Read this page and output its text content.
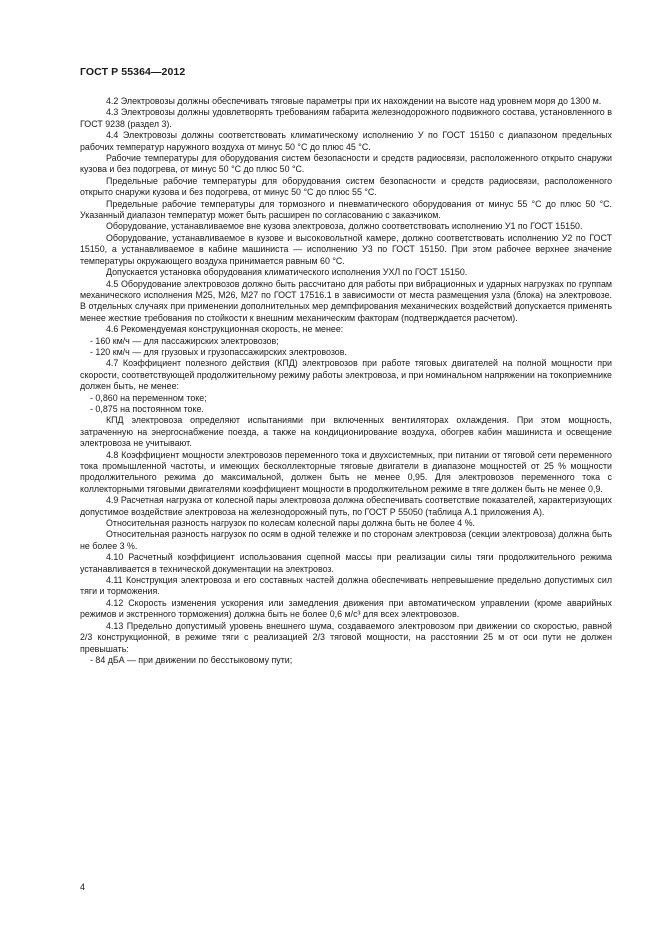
ГОСТ Р 55364—2012

4.2 Электровозы должны обеспечивать тяговые параметры при их нахождении на высоте над уровнем моря до 1300 м.

4.3 Электровозы должны удовлетворять требованиям габарита железнодорожного подвижного состава, установленного в ГОСТ 9238 (раздел 3).

4.4 Электровозы должны соответствовать климатическому исполнению У по ГОСТ 15150 с диапазоном предельных рабочих температур наружного воздуха от минус 50 °С до плюс 45 °С.

Рабочие температуры для оборудования систем безопасности и средств радиосвязи, расположенного открыто снаружи кузова и без подогрева, от минус 50 °С до плюс 50 °С.

Предельные рабочие температуры для оборудования систем безопасности и средств радиосвязи, расположенного открыто снаружи кузова и без подогрева, от минус 50 °С до плюс 55 °С.

Предельные рабочие температуры для тормозного и пневматического оборудования от минус 55 °С до плюс 50 °С. Указанный диапазон температур может быть расширен по согласованию с заказчиком.

Оборудование, устанавливаемое вне кузова электровоза, должно соответствовать исполнению У1 по ГОСТ 15150.

Оборудование, устанавливаемое в кузове и высоковольтной камере, должно соответствовать исполнению У2 по ГОСТ 15150, а устанавливаемое в кабине машиниста — исполнению У3 по ГОСТ 15150. При этом рабочее верхнее значение температуры окружающего воздуха принимается равным 60 °С.

Допускается установка оборудования климатического исполнения УХЛ по ГОСТ 15150.

4.5 Оборудование электровозов должно быть рассчитано для работы при вибрационных и ударных нагрузках по группам механического исполнения М25, М26, М27 по ГОСТ 17516.1 в зависимости от места размещения узла (блока) на электровозе. В отдельных случаях при применении дополнительных мер демпфирования механических воздействий допускается применять менее жесткие требования по стойкости к внешним механическим факторам (подтверждается расчетом).

4.6 Рекомендуемая конструкционная скорость, не менее:

- 160 км/ч — для пассажирских электровозов;

- 120 км/ч — для грузовых и грузопассажирских электровозов.

4.7 Коэффициент полезного действия (КПД) электровозов при работе тяговых двигателей на полной мощности при скорости, соответствующей продолжительному режиму работы электровоза, и при номинальном напряжении на токоприемнике должен быть, не менее:

- 0,860 на переменном токе;

- 0,875 на постоянном токе.

КПД электровоза определяют испытаниями при включенных вентиляторах охлаждения. При этом мощность, затраченную на энергоснабжение поезда, а также на кондиционирование воздуха, обогрев кабин машиниста и освещение электровоза не учитывают.

4.8 Коэффициент мощности электровозов переменного тока и двухсистемных, при питании от тяговой сети переменного тока промышленной частоты, и имеющих бесколлекторные тяговые двигатели в диапазоне мощностей от 25 % мощности продолжительного режима до максимальной, должен быть не менее 0,95. Для электровозов переменного тока с коллекторными тяговыми двигателями коэффициент мощности в продолжительном режиме в тяге должен быть не менее 0,9.

4.9 Расчетная нагрузка от колесной пары электровоза должна обеспечивать соответствие показателей, характеризующих допустимое воздействие электровоза на железнодорожный путь, по ГОСТ Р 55050 (таблица А.1 приложения А).

Относительная разность нагрузок по колесам колесной пары должна быть не более 4 %.

Относительная разность нагрузок по осям в одной тележке и по сторонам электровоза (секции электровоза) должна быть не более 3 %.

4.10 Расчетный коэффициент использования сцепной массы при реализации силы тяги продолжительного режима устанавливается в технической документации на электровоз.

4.11 Конструкция электровоза и его составных частей должна обеспечивать непревышение предельно допустимых сил тяги и торможения.

4.12 Скорость изменения ускорения или замедления движения при автоматическом управлении (кроме аварийных режимов и экстренного торможения) должна быть не более 0,6 м/с³ для всех электровозов.

4.13 Предельно допустимый уровень внешнего шума, создаваемого электровозом при движении со скоростью, равной 2/3 конструкционной, в режиме тяги с реализацией 2/3 тяговой мощности, на расстоянии 25 м от оси пути не должен превышать:

- 84 дБА — при движении по бесстыковому пути;

4
